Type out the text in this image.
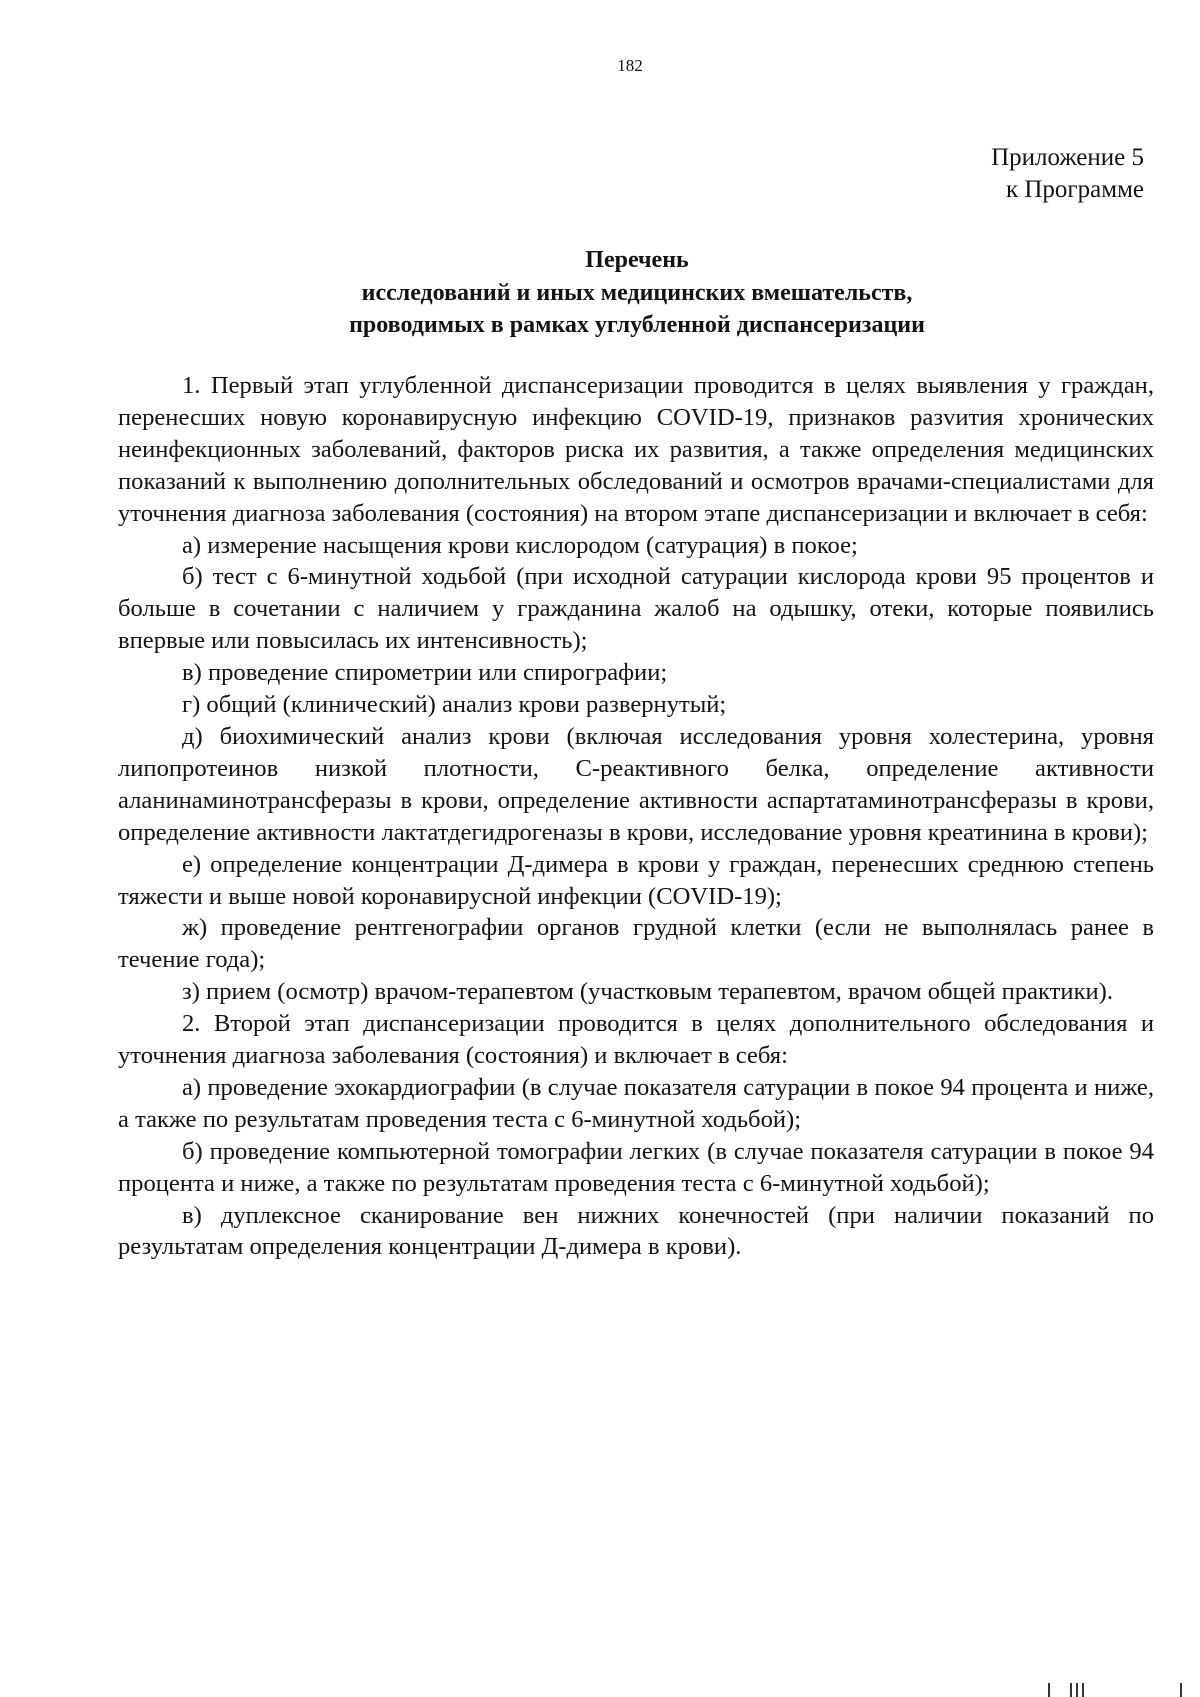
182
Приложение 5
к Программе
Перечень
исследований и иных медицинских вмешательств,
проводимых в рамках углубленной диспансеризации

1. Первый этап углубленной диспансеризации проводится в целях выявления у граждан, перенесших новую коронавирусную инфекцию COVID-19, признаков разvития хронических неинфекционных заболеваний, факторов риска их развития, а также определения медицинских показаний к выполнению дополнительных обследований и осмотров врачами-специалистами для уточнения диагноза заболевания (состояния) на втором этапе диспансеризации и включает в себя:

а) измерение насыщения крови кислородом (сатурация) в покое;

б) тест с 6-минутной ходьбой (при исходной сатурации кислорода крови 95 процентов и больше в сочетании с наличием у гражданина жалоб на одышку, отеки, которые появились впервые или повысилась их интенсивность);

в) проведение спирометрии или спирографии;

г) общий (клинический) анализ крови развернутый;

д) биохимический анализ крови (включая исследования уровня холестерина, уровня липопротеинов низкой плотности, С-реактивного белка, определение активности аланинаминотрансферазы в крови, определение активности аспартатаминотрансферазы в крови, определение активности лактатдегидрогеназы в крови, исследование уровня креатинина в крови);

е) определение концентрации Д-димера в крови у граждан, перенесших среднюю степень тяжести и выше новой коронавирусной инфекции (COVID-19);

ж) проведение рентгенографии органов грудной клетки (если не выполнялась ранее в течение года);

з) прием (осмотр) врачом-терапевтом (участковым терапевтом, врачом общей практики).

2. Второй этап диспансеризации проводится в целях дополнительного обследования и уточнения диагноза заболевания (состояния) и включает в себя:

а) проведение эхокардиографии (в случае показателя сатурации в покое 94 процента и ниже, а также по результатам проведения теста с 6-минутной ходьбой);

б) проведение компьютерной томографии легких (в случае показателя сатурации в покое 94 процента и ниже, а также по результатам проведения теста с 6-минутной ходьбой);

в) дуплексное сканирование вен нижних конечностей (при наличии показаний по результатам определения концентрации Д-димера в крови).
